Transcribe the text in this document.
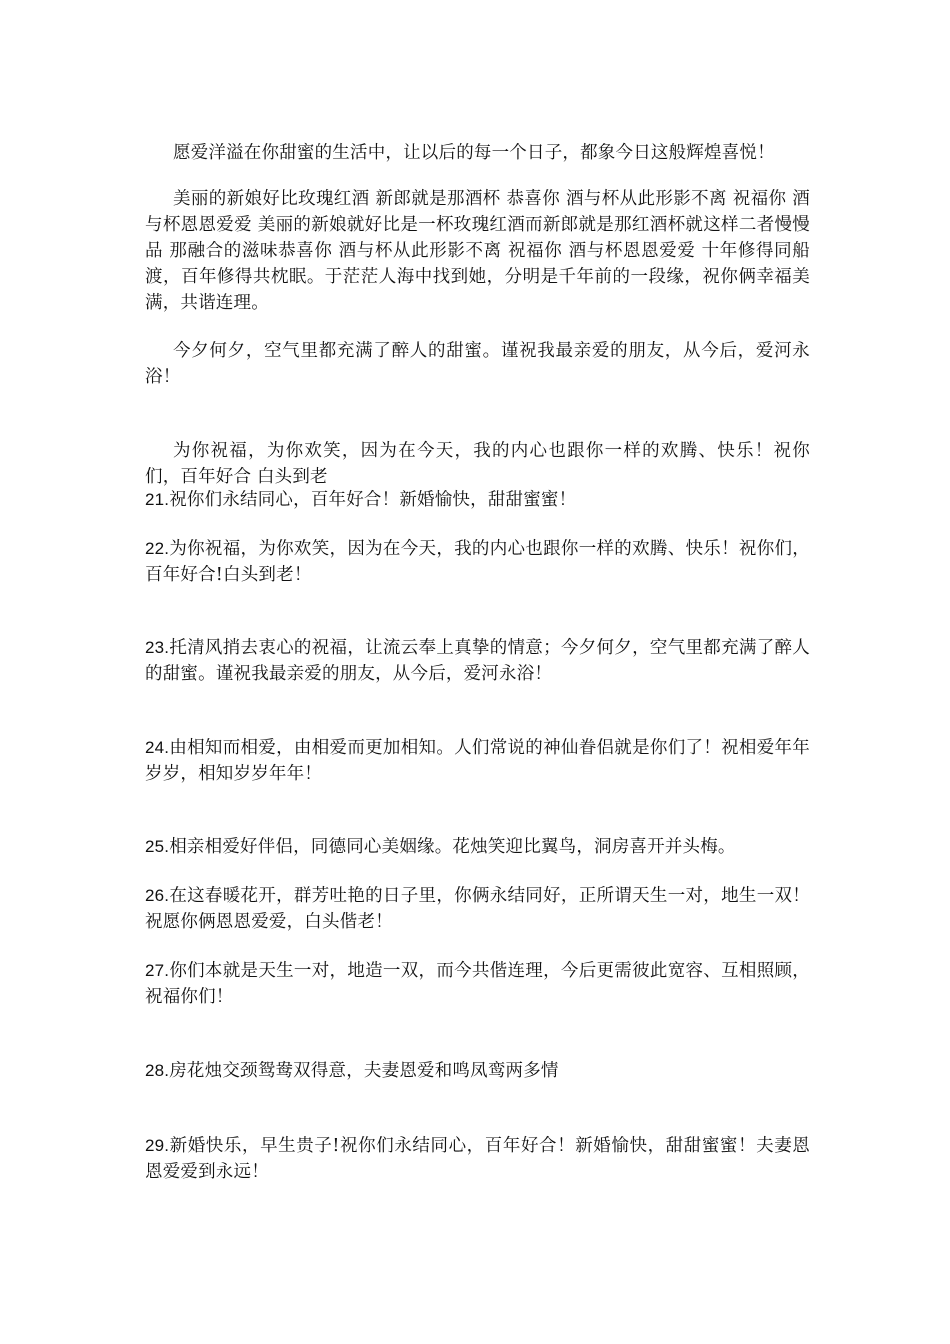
愿爱洋溢在你甜蜜的生活中，让以后的每一个日子，都象今日这般辉煌喜悦！

美丽的新娘好比玫瑰红酒 新郎就是那酒杯 恭喜你 酒与杯从此形影不离 祝福你 酒与杯恩恩爱爱 美丽的新娘就好比是一杯玫瑰红酒而新郎就是那红酒杯就这样二者慢慢品 那融合的滋味恭喜你 酒与杯从此形影不离 祝福你 酒与杯恩恩爱爱 十年修得同船渡，百年修得共枕眠。于茫茫人海中找到她，分明是千年前的一段缘，祝你俩幸福美满，共谐连理。

今夕何夕，空气里都充满了醉人的甜蜜。谨祝我最亲爱的朋友，从今后，爱河永浴！

为你祝福，为你欢笑，因为在今天，我的内心也跟你一样的欢腾、快乐！祝你们，百年好合 白头到老

21.祝你们永结同心，百年好合！新婚愉快，甜甜蜜蜜！

22.为你祝福，为你欢笑，因为在今天，我的内心也跟你一样的欢腾、快乐！祝你们，百年好合!白头到老！

23.托清风捎去衷心的祝福，让流云奉上真挚的情意；今夕何夕，空气里都充满了醉人的甜蜜。谨祝我最亲爱的朋友，从今后，爱河永浴！

24.由相知而相爱，由相爱而更加相知。人们常说的神仙眷侣就是你们了！祝相爱年年岁岁，相知岁岁年年！

25.相亲相爱好伴侣，同德同心美姻缘。花烛笑迎比翼鸟，洞房喜开并头梅。

26.在这春暖花开，群芳吐艳的日子里，你俩永结同好，正所谓天生一对，地生一双！祝愿你俩恩恩爱爱，白头偕老！

27.你们本就是天生一对，地造一双，而今共偕连理，今后更需彼此宽容、互相照顾，祝福你们！

28.房花烛交颈鸳鸯双得意，夫妻恩爱和鸣凤鸾两多情

29.新婚快乐，早生贵子!祝你们永结同心，百年好合！新婚愉快，甜甜蜜蜜！夫妻恩恩爱爱到永远！
